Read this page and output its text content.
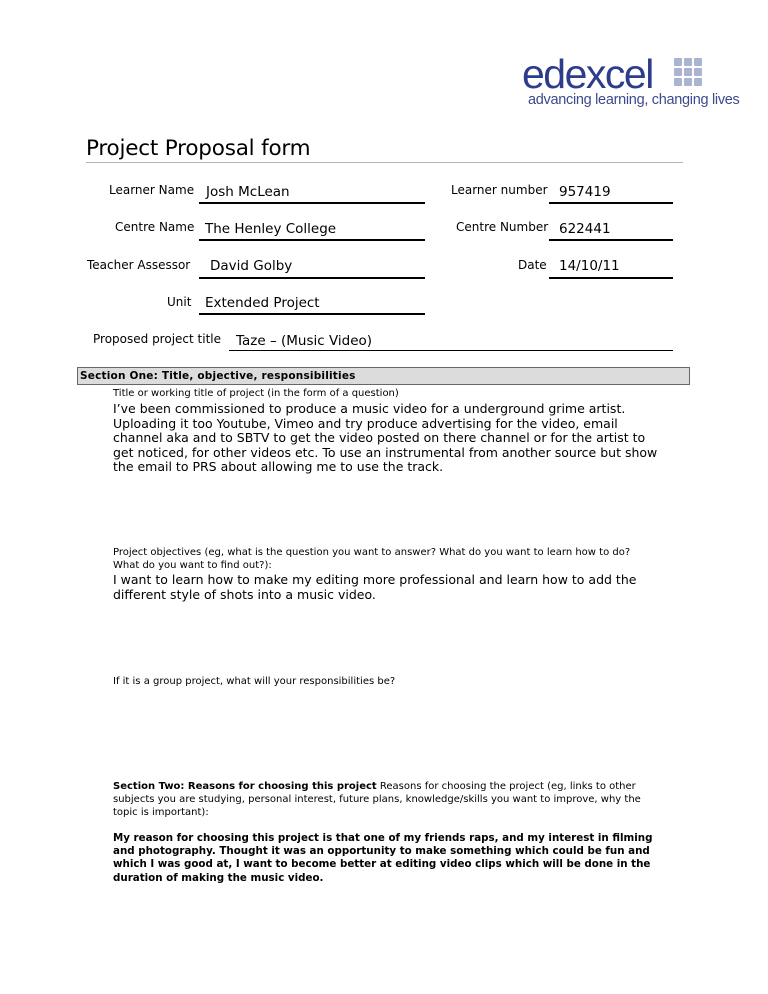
edexcel
advancing learning, changing lives
Project Proposal form
Learner Name Josh McLean	Learner number 957419
Centre Name The Henley College	Centre Number 622441
Teacher Assessor David Golby	Date 14/10/11
Unit Extended Project
Proposed project title Taze – (Music Video)
Section One: Title, objective, responsibilities
Title or working title of project (in the form of a question)
I’ve been commissioned to produce a music video for a underground grime artist. Uploading it too Youtube, Vimeo and try produce advertising for the video, email channel aka and to SBTV to get the video posted on there channel or for the artist to get noticed, for other videos etc. To use an instrumental from another source but show the email to PRS about allowing me to use the track.
Project objectives (eg, what is the question you want to answer? What do you want to learn how to do? What do you want to find out?):
I want to learn how to make my editing more professional and learn how to add the different style of shots into a music video.
If it is a group project, what will your responsibilities be?
Section Two: Reasons for choosing this project Reasons for choosing the project (eg, links to other subjects you are studying, personal interest, future plans, knowledge/skills you want to improve, why the topic is important):
My reason for choosing this project is that one of my friends raps, and my interest in filming and photography. Thought it was an opportunity to make something which could be fun and which I was good at, I want to become better at editing video clips which will be done in the duration of making the music video.
